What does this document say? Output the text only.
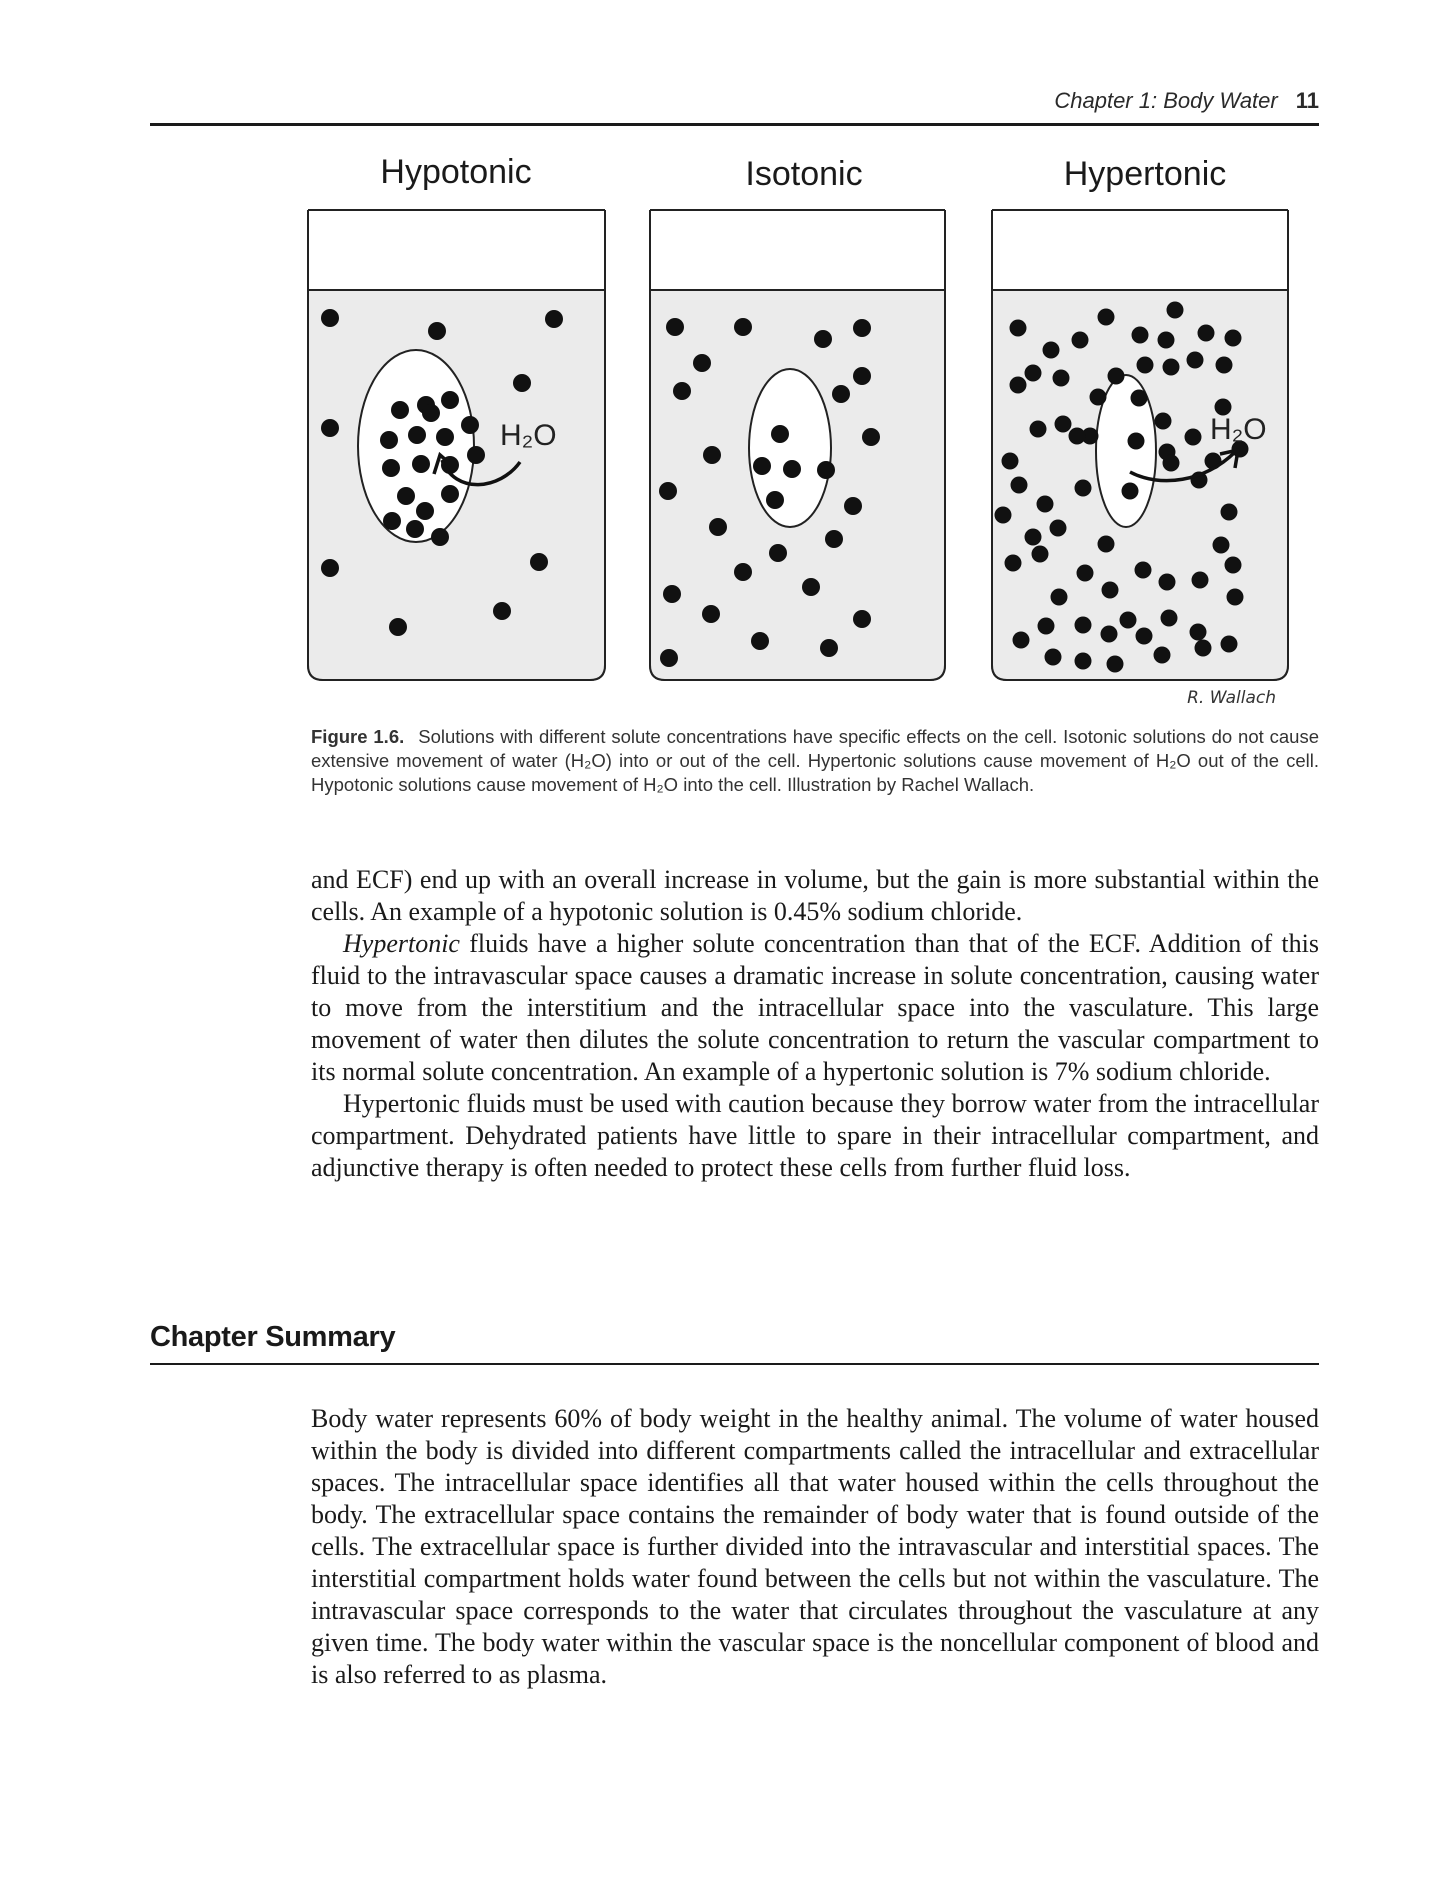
Chapter 1: Body Water 11
Hypotonic	Isotonic	Hypertonic
H₂O	H₂O
R. Wallach
Figure 1.6. Solutions with different solute concentrations have specific effects on the cell. Isotonic solutions do not cause extensive movement of water (H₂O) into or out of the cell. Hypertonic solutions cause movement of H₂O out of the cell. Hypotonic solutions cause movement of H₂O into the cell. Illustration by Rachel Wallach.

and ECF) end up with an overall increase in volume, but the gain is more substantial within the cells. An example of a hypotonic solution is 0.45% sodium chloride.

Hypertonic fluids have a higher solute concentration than that of the ECF. Addition of this fluid to the intravascular space causes a dramatic increase in solute concentration, causing water to move from the interstitium and the intracellular space into the vasculature. This large movement of water then dilutes the solute concentration to return the vascular compartment to its normal solute concentration. An example of a hypertonic solution is 7% sodium chloride.

Hypertonic fluids must be used with caution because they borrow water from the intracellular compartment. Dehydrated patients have little to spare in their intracellular compartment, and adjunctive therapy is often needed to protect these cells from further fluid loss.

Chapter Summary

Body water represents 60% of body weight in the healthy animal. The volume of water housed within the body is divided into different compartments called the intracellular and extracellular spaces. The intracellular space identifies all that water housed within the cells throughout the body. The extracellular space contains the remainder of body water that is found outside of the cells. The extracellular space is further divided into the intravascular and interstitial spaces. The interstitial compartment holds water found between the cells but not within the vasculature. The intravascular space corresponds to the water that circulates throughout the vasculature at any given time. The body water within the vascular space is the noncellular component of blood and is also referred to as plasma.
